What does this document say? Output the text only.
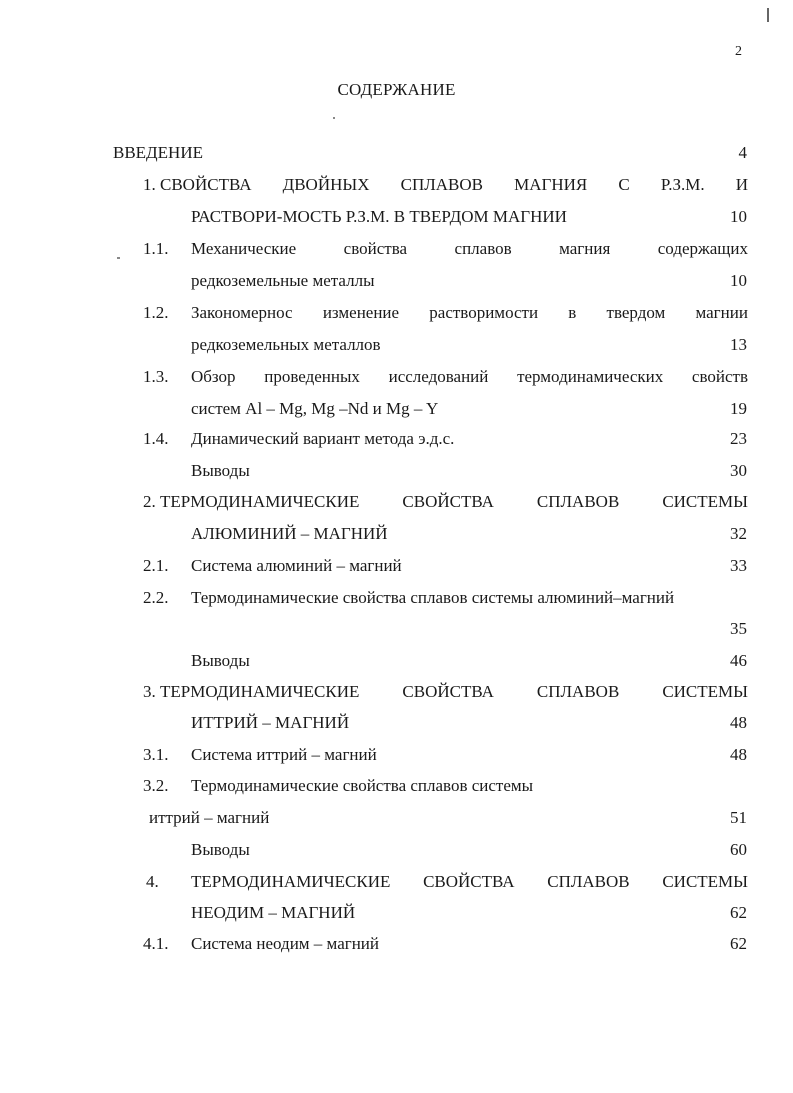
2
СОДЕРЖАНИЕ
ВВЕДЕНИЕ	4
1. СВОЙСТВА ДВОЙНЫХ СПЛАВОВ МАГНИЯ С Р.З.М. И
РАСТВОРИ-МОСТЬ Р.З.М. В ТВЕРДОМ МАГНИИ	10
1.1. Механические	свойства	сплавов	магния	содержащих
редкоземельные металлы	10
1.2. Закономернос изменение растворимости в твердом магнии
редкоземельных металлов	13
1.3. Обзор проведенных исследований термодинамических свойств
систем Al – Mg, Mg –Nd и Mg – Y	19
1.4. Динамический вариант метода э.д.с.	23
Выводы	30
2. ТЕРМОДИНАМИЧЕСКИЕ	СВОЙСТВА	СПЛАВОВ	СИСТЕМЫ
АЛЮМИНИЙ – МАГНИЙ	32
2.1. Система алюминий – магний	33
2.2. Термодинамические свойства сплавов системы алюминий–магний
35
Выводы	46
3. ТЕРМОДИНАМИЧЕСКИЕ	СВОЙСТВА	СПЛАВОВ	СИСТЕМЫ
ИТТРИЙ – МАГНИЙ	48
3.1. Система иттрий – магний	48
3.2. Термодинамические свойства сплавов системы
иттрий – магний	51
Выводы	60
4. ТЕРМОДИНАМИЧЕСКИЕ СВОЙСТВА СПЛАВОВ СИСТЕМЫ
НЕОДИМ – МАГНИЙ	62
4.1. Система неодим – магний	62
